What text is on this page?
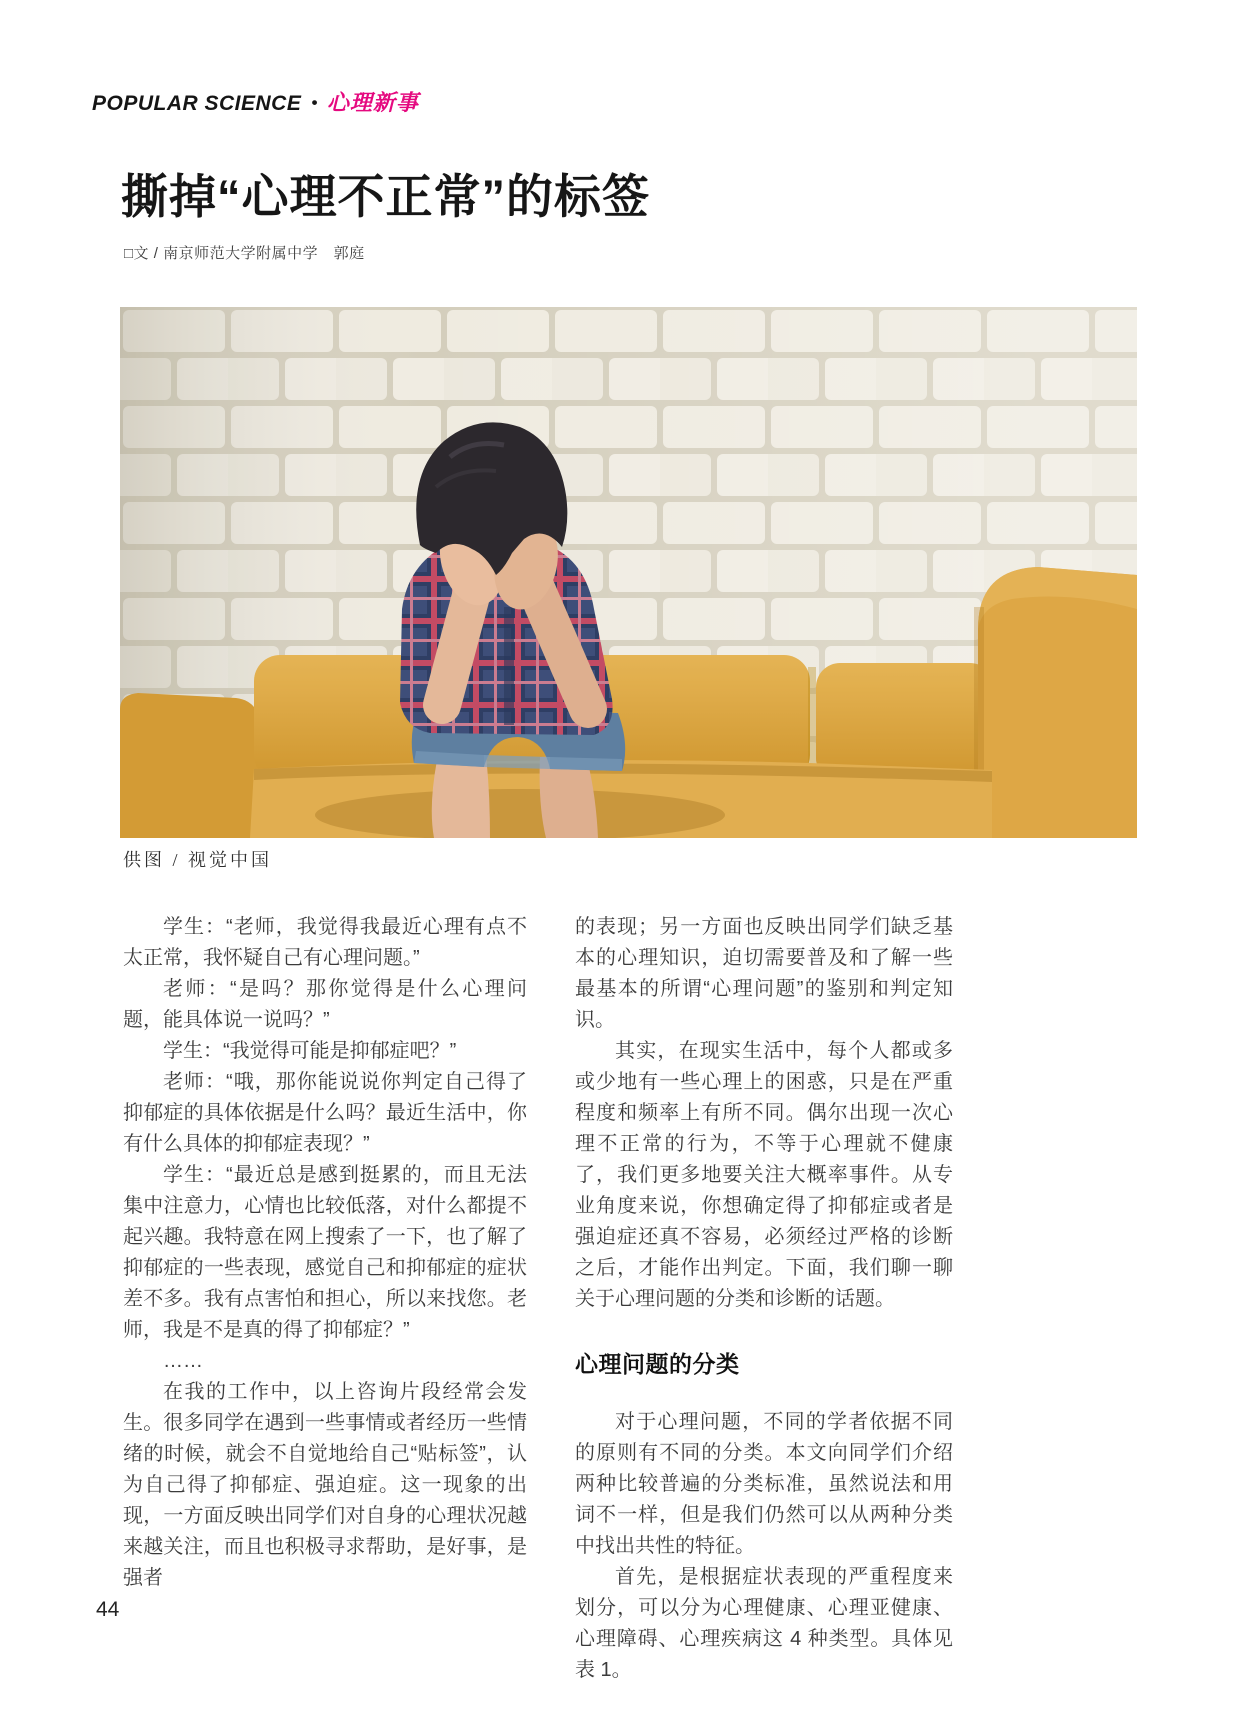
POPULAR SCIENCE • 心理新事
撕掉“心理不正常”的标签
□文 / 南京师范大学附属中学　郭庭
供图 / 视觉中国

学生：“老师，我觉得我最近心理有点不太正常，我怀疑自己有心理问题。”

老师：“是吗？那你觉得是什么心理问题，能具体说一说吗？”

学生：“我觉得可能是抑郁症吧？”

老师：“哦，那你能说说你判定自己得了抑郁症的具体依据是什么吗？最近生活中，你有什么具体的抑郁症表现？”

学生：“最近总是感到挺累的，而且无法集中注意力，心情也比较低落，对什么都提不起兴趣。我特意在网上搜索了一下，也了解了抑郁症的一些表现，感觉自己和抑郁症的症状差不多。我有点害怕和担心，所以来找您。老师，我是不是真的得了抑郁症？”

……

在我的工作中，以上咨询片段经常会发生。很多同学在遇到一些事情或者经历一些情绪的时候，就会不自觉地给自己“贴标签”，认为自己得了抑郁症、强迫症。这一现象的出现，一方面反映出同学们对自身的心理状况越来越关注，而且也积极寻求帮助，是好事，是强者

的表现；另一方面也反映出同学们缺乏基本的心理知识，迫切需要普及和了解一些最基本的所谓“心理问题”的鉴别和判定知识。

其实，在现实生活中，每个人都或多或少地有一些心理上的困惑，只是在严重程度和频率上有所不同。偶尔出现一次心理不正常的行为，不等于心理就不健康了，我们更多地要关注大概率事件。从专业角度来说，你想确定得了抑郁症或者是强迫症还真不容易，必须经过严格的诊断之后，才能作出判定。下面，我们聊一聊关于心理问题的分类和诊断的话题。

心理问题的分类

对于心理问题，不同的学者依据不同的原则有不同的分类。本文向同学们介绍两种比较普遍的分类标准，虽然说法和用词不一样，但是我们仍然可以从两种分类中找出共性的特征。

首先，是根据症状表现的严重程度来划分，可以分为心理健康、心理亚健康、心理障碍、心理疾病这 4 种类型。具体见表 1。

44
